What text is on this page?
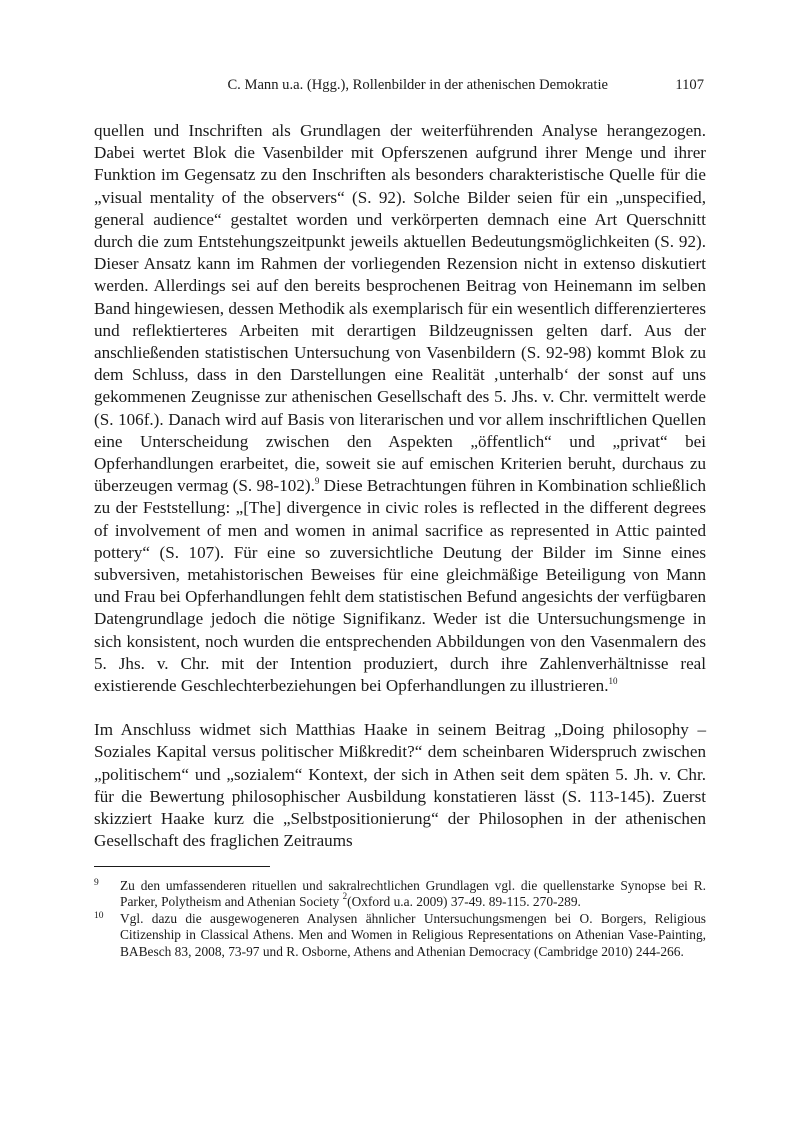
C. Mann u.a. (Hgg.), Rollenbilder in der athenischen Demokratie	1107

quellen und Inschriften als Grundlagen der weiterführenden Analyse herangezogen. Dabei wertet Blok die Vasenbilder mit Opferszenen aufgrund ihrer Menge und ihrer Funktion im Gegensatz zu den Inschriften als besonders charakteristische Quelle für die „visual mentality of the observers“ (S. 92). Solche Bilder seien für ein „unspecified, general audience“ gestaltet worden und verkörperten demnach eine Art Querschnitt durch die zum Entstehungszeitpunkt jeweils aktuellen Bedeutungsmöglichkeiten (S. 92). Dieser Ansatz kann im Rahmen der vorliegenden Rezension nicht in extenso diskutiert werden. Allerdings sei auf den bereits besprochenen Beitrag von Heinemann im selben Band hingewiesen, dessen Methodik als exemplarisch für ein wesentlich differenzierteres und reflektierteres Arbeiten mit derartigen Bildzeugnissen gelten darf. Aus der anschließenden statistischen Untersuchung von Vasenbildern (S. 92-98) kommt Blok zu dem Schluss, dass in den Darstellungen eine Realität ‚unterhalb‘ der sonst auf uns gekommenen Zeugnisse zur athenischen Gesellschaft des 5. Jhs. v. Chr. vermittelt werde (S. 106f.). Danach wird auf Basis von literarischen und vor allem inschriftlichen Quellen eine Unterscheidung zwischen den Aspekten „öffentlich“ und „privat“ bei Opferhandlungen erarbeitet, die, soweit sie auf emischen Kriterien beruht, durchaus zu überzeugen vermag (S. 98-102).$^9$ Diese Betrachtungen führen in Kombination schließlich zu der Feststellung: „[The] divergence in civic roles is reflected in the different degrees of involvement of men and women in animal sacrifice as represented in Attic painted pottery“ (S. 107). Für eine so zuversichtliche Deutung der Bilder im Sinne eines subversiven, metahistorischen Beweises für eine gleichmäßige Beteiligung von Mann und Frau bei Opferhandlungen fehlt dem statistischen Befund angesichts der verfügbaren Datengrundlage jedoch die nötige Signifikanz. Weder ist die Untersuchungsmenge in sich konsistent, noch wurden die entsprechenden Abbildungen von den Vasenmalern des 5. Jhs. v. Chr. mit der Intention produziert, durch ihre Zahlenverhältnisse real existierende Geschlechterbeziehungen bei Opferhandlungen zu illustrieren.$^{10}$

Im Anschluss widmet sich Matthias Haake in seinem Beitrag „Doing philosophy – Soziales Kapital versus politischer Mißkredit?“ dem scheinbaren Widerspruch zwischen „politischem“ und „sozialem“ Kontext, der sich in Athen seit dem späten 5. Jh. v. Chr. für die Bewertung philosophischer Ausbildung konstatieren lässt (S. 113-145). Zuerst skizziert Haake kurz die „Selbstpositionierung“ der Philosophen in der athenischen Gesellschaft des fraglichen Zeitraums

9 Zu den umfassenderen rituellen und sakralrechtlichen Grundlagen vgl. die quellenstarke Synopse bei R. Parker, Polytheism and Athenian Society $^2$(Oxford u.a. 2009) 37-49. 89-115. 270-289.
10 Vgl. dazu die ausgewogeneren Analysen ähnlicher Untersuchungsmengen bei O. Borgers, Religious Citizenship in Classical Athens. Men and Women in Religious Representations on Athenian Vase-Painting, BABesch 83, 2008, 73-97 und R. Osborne, Athens and Athenian Democracy (Cambridge 2010) 244-266.
